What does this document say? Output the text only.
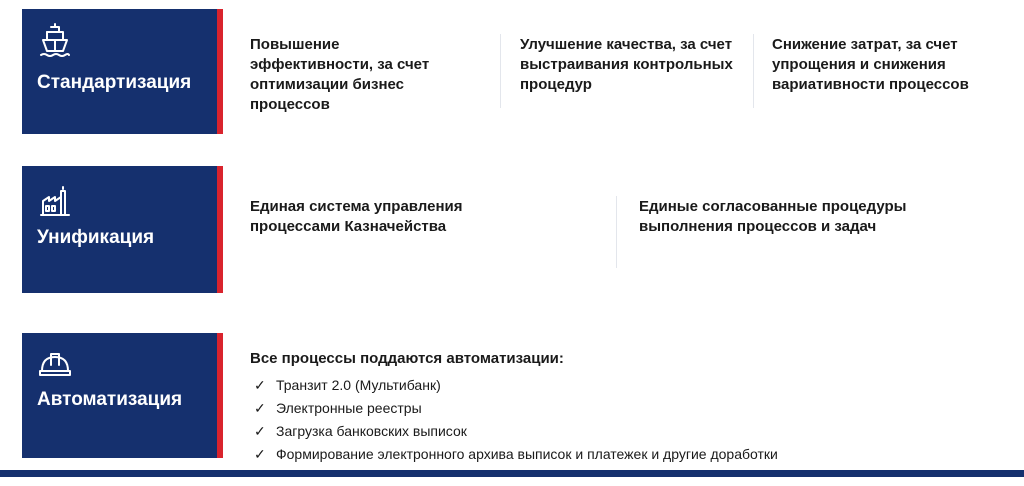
Стандартизация
Повышение эффективности, за счет оптимизации бизнес процессов
Улучшение качества, за счет выстраивания контрольных процедур
Снижение затрат, за счет упрощения и снижения вариативности процессов
Унификация
Единая система управления процессами Казначейства
Единые согласованные процедуры выполнения процессов и задач
Автоматизация
Все процессы поддаются автоматизации:
✓ Транзит 2.0 (Мультибанк)
✓ Электронные реестры
✓ Загрузка банковских выписок
✓ Формирование электронного архива выписок и платежек и другие доработки
